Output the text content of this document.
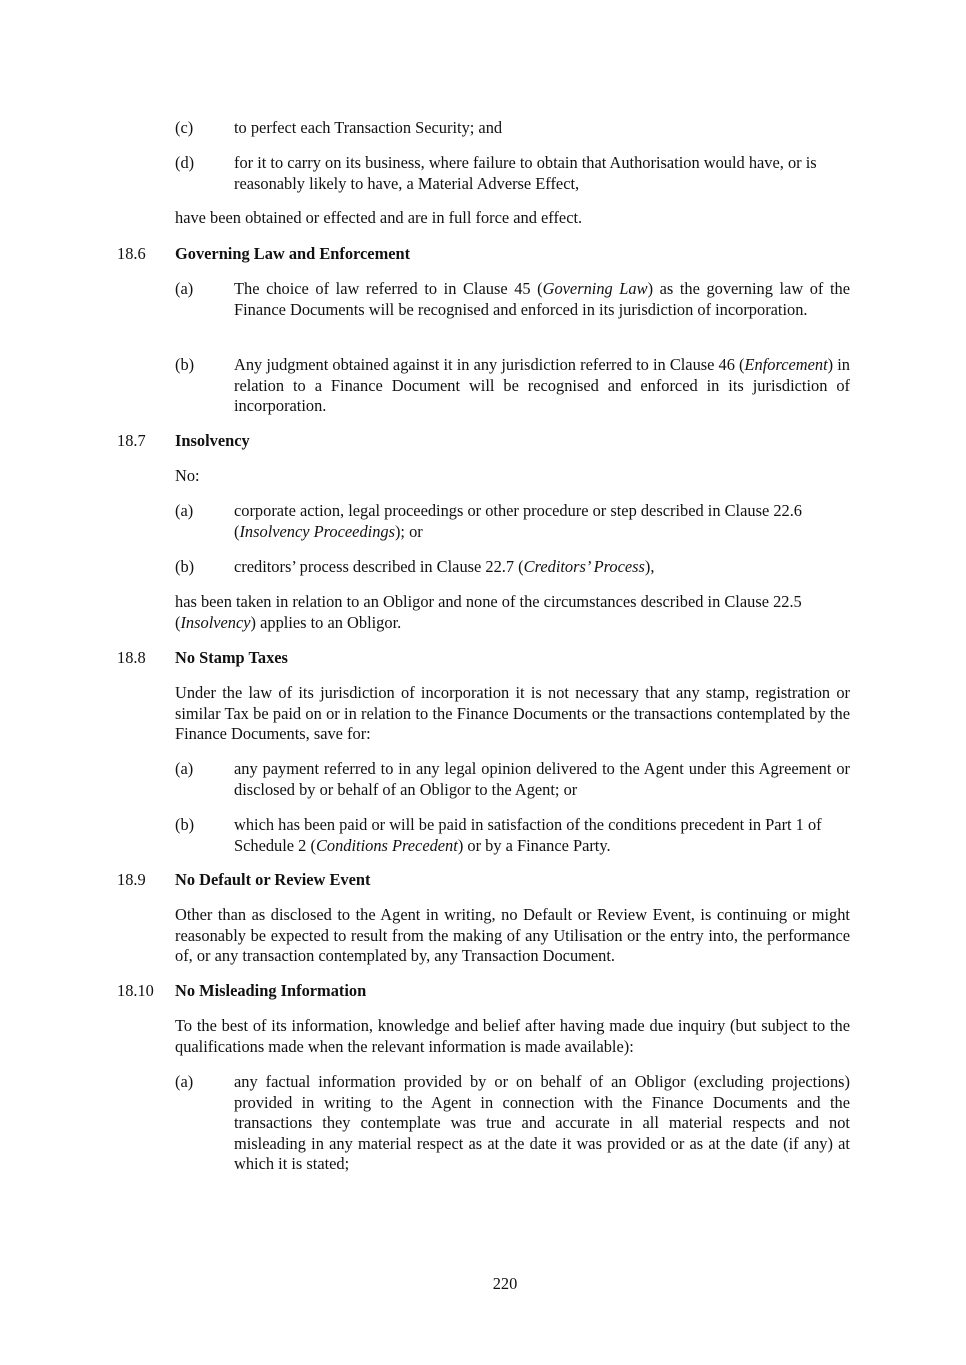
(c) to perfect each Transaction Security; and
(d) for it to carry on its business, where failure to obtain that Authorisation would have, or is reasonably likely to have, a Material Adverse Effect,
have been obtained or effected and are in full force and effect.
18.6 Governing Law and Enforcement
(a) The choice of law referred to in Clause 45 (Governing Law) as the governing law of the Finance Documents will be recognised and enforced in its jurisdiction of incorporation.
(b) Any judgment obtained against it in any jurisdiction referred to in Clause 46 (Enforcement) in relation to a Finance Document will be recognised and enforced in its jurisdiction of incorporation.
18.7 Insolvency
No:
(a) corporate action, legal proceedings or other procedure or step described in Clause 22.6 (Insolvency Proceedings); or
(b) creditors’ process described in Clause 22.7 (Creditors’ Process),
has been taken in relation to an Obligor and none of the circumstances described in Clause 22.5 (Insolvency) applies to an Obligor.
18.8 No Stamp Taxes
Under the law of its jurisdiction of incorporation it is not necessary that any stamp, registration or similar Tax be paid on or in relation to the Finance Documents or the transactions contemplated by the Finance Documents, save for:
(a) any payment referred to in any legal opinion delivered to the Agent under this Agreement or disclosed by or behalf of an Obligor to the Agent; or
(b) which has been paid or will be paid in satisfaction of the conditions precedent in Part 1 of Schedule 2 (Conditions Precedent) or by a Finance Party.
18.9 No Default or Review Event
Other than as disclosed to the Agent in writing, no Default or Review Event, is continuing or might reasonably be expected to result from the making of any Utilisation or the entry into, the performance of, or any transaction contemplated by, any Transaction Document.
18.10 No Misleading Information
To the best of its information, knowledge and belief after having made due inquiry (but subject to the qualifications made when the relevant information is made available):
(a) any factual information provided by or on behalf of an Obligor (excluding projections) provided in writing to the Agent in connection with the Finance Documents and the transactions they contemplate was true and accurate in all material respects and not misleading in any material respect as at the date it was provided or as at the date (if any) at which it is stated;
220
